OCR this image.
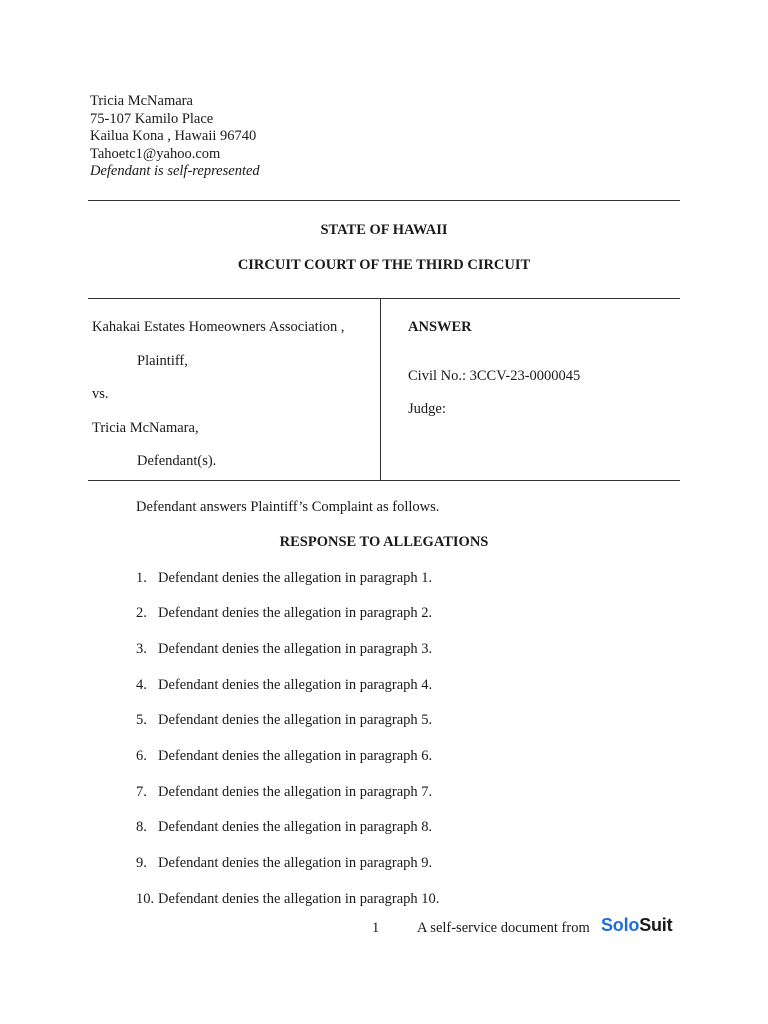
Tricia McNamara
75-107 Kamilo Place
Kailua Kona , Hawaii 96740
Tahoetc1@yahoo.com
Defendant is self-represented
STATE OF HAWAII
CIRCUIT COURT OF THE THIRD CIRCUIT
Kahakai Estates Homeowners Association ,
Plaintiff,
vs.
Tricia McNamara,
Defendant(s).
ANSWER
Civil No.: 3CCV-23-0000045
Judge:
Defendant answers Plaintiff’s Complaint as follows.
RESPONSE TO ALLEGATIONS
1. Defendant denies the allegation in paragraph 1.
2. Defendant denies the allegation in paragraph 2.
3. Defendant denies the allegation in paragraph 3.
4. Defendant denies the allegation in paragraph 4.
5. Defendant denies the allegation in paragraph 5.
6. Defendant denies the allegation in paragraph 6.
7. Defendant denies the allegation in paragraph 7.
8. Defendant denies the allegation in paragraph 8.
9. Defendant denies the allegation in paragraph 9.
10. Defendant denies the allegation in paragraph 10.
1	A self-service document from SoloSuit
